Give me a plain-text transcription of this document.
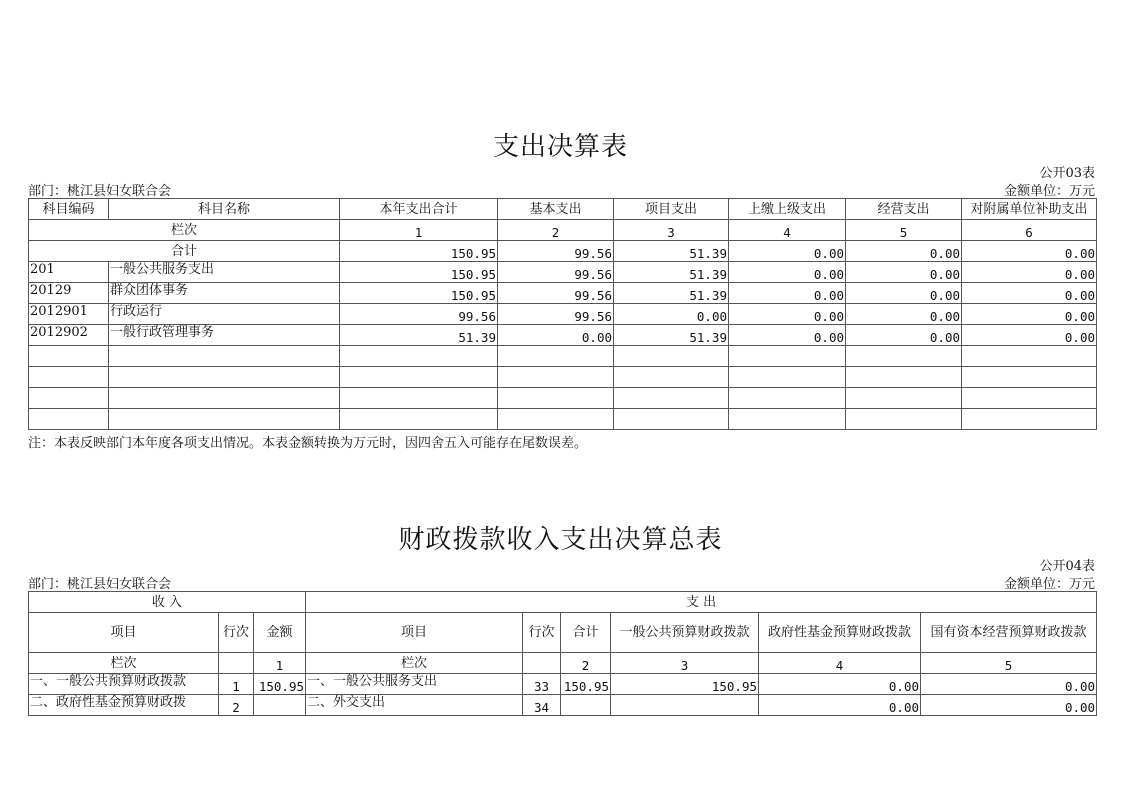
支出决算表
公开03表
部门：桃江县妇女联合会	金额单位：万元
科目编码	科目名称	本年支出合计	基本支出	项目支出	上缴上级支出	经营支出	对附属单位补助支出
栏次		1	2	3	4	5	6
合计		150.95	99.56	51.39	0.00	0.00	0.00
201	一般公共服务支出	150.95	99.56	51.39	0.00	0.00	0.00
20129	群众团体事务	150.95	99.56	51.39	0.00	0.00	0.00
2012901	行政运行	99.56	99.56	0.00	0.00	0.00	0.00
2012902	一般行政管理事务	51.39	0.00	51.39	0.00	0.00	0.00

注：本表反映部门本年度各项支出情况。本表金额转换为万元时，因四舍五入可能存在尾数误差。
财政拨款收入支出决算总表
公开04表
部门：桃江县妇女联合会	金额单位：万元
收 入			支 出					
项目	行次	金额	项目	行次	合计	一般公共预算财政拨款	政府性基金预算财政拨款	国有资本经营预算财政拨款
栏次		1	栏次		2	3	4	5
一、一般公共预算财政拨款	1	150.95	一、一般公共服务支出	33	150.95	150.95	0.00	0.00
二、政府性基金预算财政拨	2		二、外交支出	34			0.00	0.00
